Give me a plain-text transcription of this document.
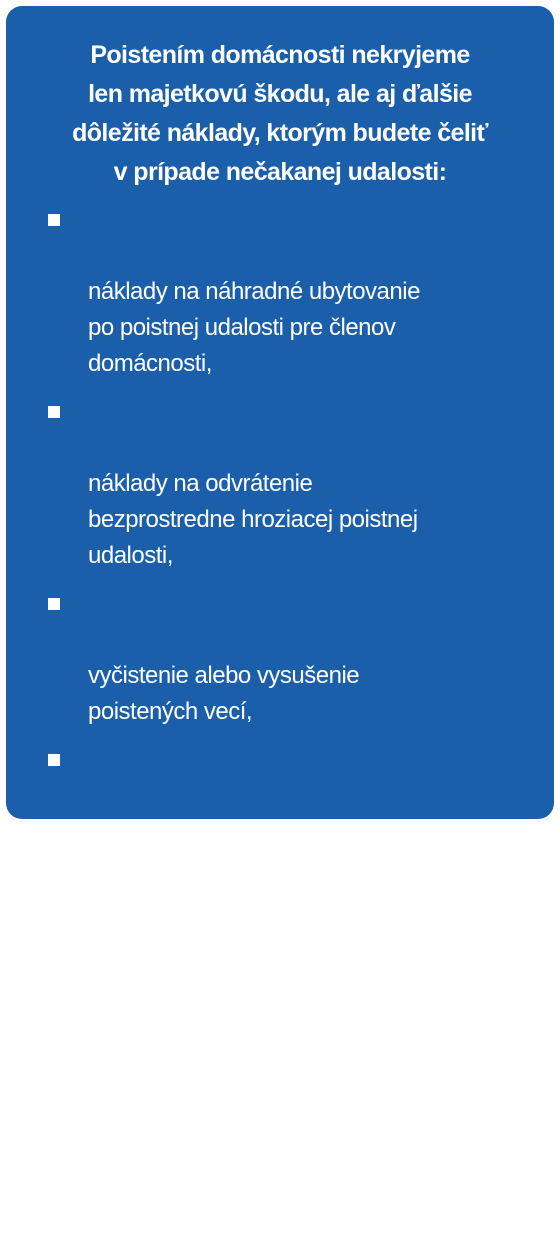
Poistením domácnosti nekryjeme
len majetkovú škodu, ale aj ďalšie
dôležité náklady, ktorým budete čeliť
v prípade nečakanej udalosti:

náklady na náhradné ubytovanie
po poistnej udalosti pre členov
domácnosti,

náklady na odvrátenie
bezprostredne hroziacej poistnej
udalosti,

vyčistenie alebo vysušenie
poistených vecí,

náklady na skladovanie poistených
vecí v prenajatých priestoroch po
poistnej udalosti,

náklady na liečenie a pohreb
domácich zvierat,

náklady na výmenu vložky zámky
vstupných dverí do miesta poistenia.
